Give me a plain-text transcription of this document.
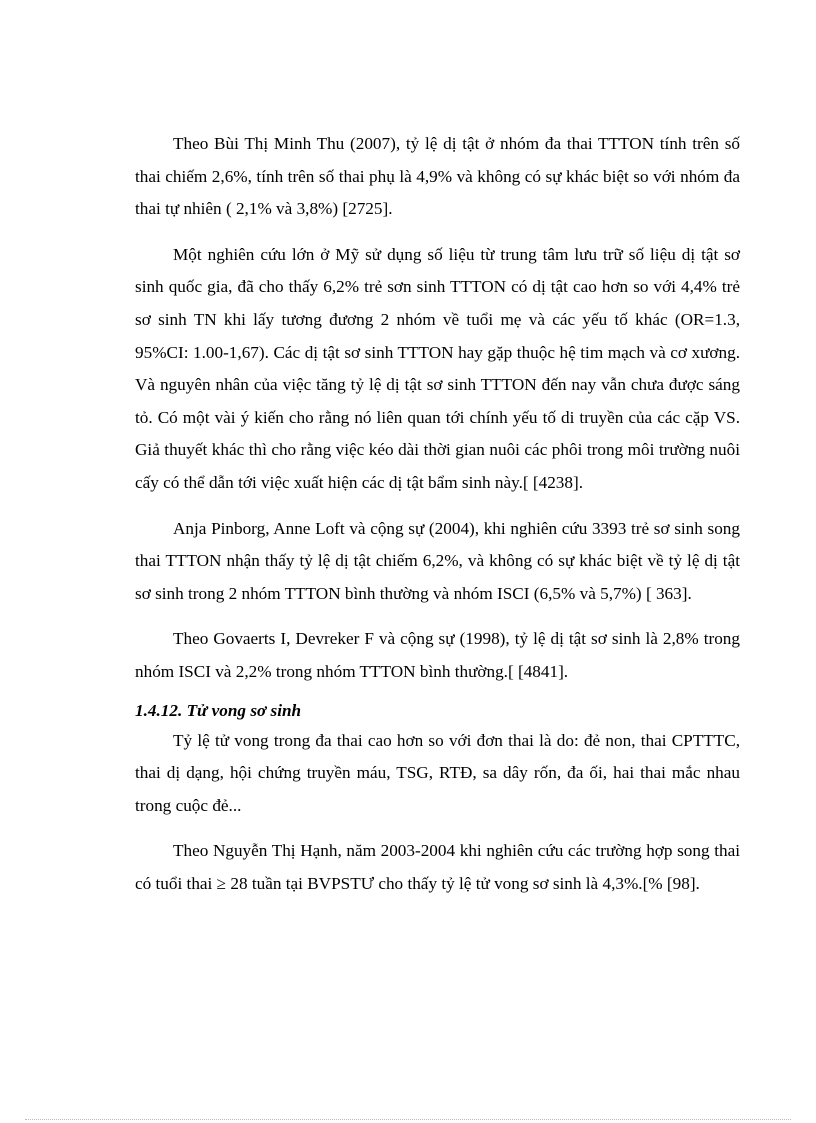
Theo Bùi Thị Minh Thu (2007), tỷ lệ dị tật ở nhóm đa thai TTTON tính trên số thai chiếm 2,6%, tính trên số thai phụ là 4,9% và không có sự khác biệt so với nhóm đa thai tự nhiên ( 2,1% và 3,8%) [2725].

Một nghiên cứu lớn ở Mỹ sử dụng số liệu từ trung tâm lưu trữ số liệu dị tật sơ sinh quốc gia, đã cho thấy 6,2% trẻ sơn sinh TTTON có dị tật cao hơn so với 4,4% trẻ sơ sinh TN khi lấy tương đương 2 nhóm về tuổi mẹ và các yếu tố khác (OR=1.3, 95%CI: 1.00-1,67). Các dị tật sơ sinh TTTON hay gặp thuộc hệ tim mạch và cơ xương. Và nguyên nhân của việc tăng tỷ lệ dị tật sơ sinh TTTON đến nay vẫn chưa được sáng tỏ. Có một vài ý kiến cho rằng nó liên quan tới chính yếu tố di truyền của các cặp VS. Giả thuyết khác thì cho rằng việc kéo dài thời gian nuôi các phôi trong môi trường nuôi cấy có thể dẫn tới việc xuất hiện các dị tật bẩm sinh này.[ [4238].

Anja Pinborg, Anne Loft và cộng sự (2004), khi nghiên cứu 3393 trẻ sơ sinh song thai TTTON nhận thấy tỷ lệ dị tật chiếm 6,2%, và không có sự khác biệt về tỷ lệ dị tật sơ sinh trong 2 nhóm TTTON bình thường và nhóm ISCI (6,5% và 5,7%) [ 363].

Theo Govaerts I, Devreker F và cộng sự (1998), tỷ lệ dị tật sơ sinh là 2,8% trong nhóm ISCI và 2,2% trong nhóm TTTON bình thường.[ [4841].

1.4.12. Tử vong sơ sinh

Tỷ lệ tử vong trong đa thai cao hơn so với đơn thai là do: đẻ non, thai CPTTTC, thai dị dạng, hội chứng truyền máu, TSG, RTĐ, sa dây rốn, đa ối, hai thai mắc nhau trong cuộc đẻ...

Theo Nguyễn Thị Hạnh, năm 2003-2004 khi nghiên cứu các trường hợp song thai có tuổi thai ≥ 28 tuần tại BVPSTƯ cho thấy tỷ lệ tử vong sơ sinh là 4,3%.[% [98].
